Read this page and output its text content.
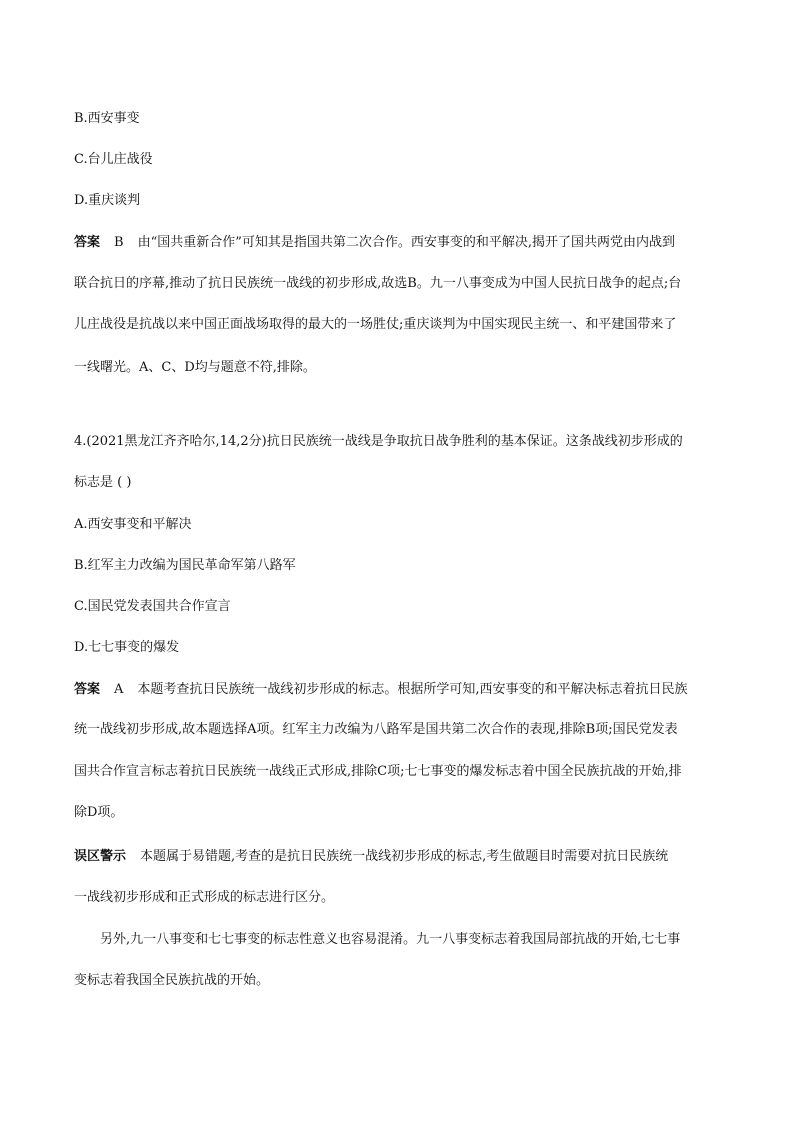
B.西安事变
C.台儿庄战役
D.重庆谈判
答案 B 由“国共重新合作”可知其是指国共第二次合作。西安事变的和平解决,揭开了国共两党由内战到
联合抗日的序幕,推动了抗日民族统一战线的初步形成,故选B。九一八事变成为中国人民抗日战争的起点;台
儿庄战役是抗战以来中国正面战场取得的最大的一场胜仗;重庆谈判为中国实现民主统一、和平建国带来了
一线曙光。A、C、D均与题意不符,排除。
4.(2021黑龙江齐齐哈尔,14,2分)抗日民族统一战线是争取抗日战争胜利的基本保证。这条战线初步形成的
标志是 ( )
A.西安事变和平解决
B.红军主力改编为国民革命军第八路军
C.国民党发表国共合作宣言
D.七七事变的爆发
答案 A 本题考查抗日民族统一战线初步形成的标志。根据所学可知,西安事变的和平解决标志着抗日民族
统一战线初步形成,故本题选择A项。红军主力改编为八路军是国共第二次合作的表现,排除B项;国民党发表
国共合作宣言标志着抗日民族统一战线正式形成,排除C项;七七事变的爆发标志着中国全民族抗战的开始,排
除D项。
误区警示 本题属于易错题,考查的是抗日民族统一战线初步形成的标志,考生做题目时需要对抗日民族统
一战线初步形成和正式形成的标志进行区分。
另外,九一八事变和七七事变的标志性意义也容易混淆。九一八事变标志着我国局部抗战的开始,七七事
变标志着我国全民族抗战的开始。
